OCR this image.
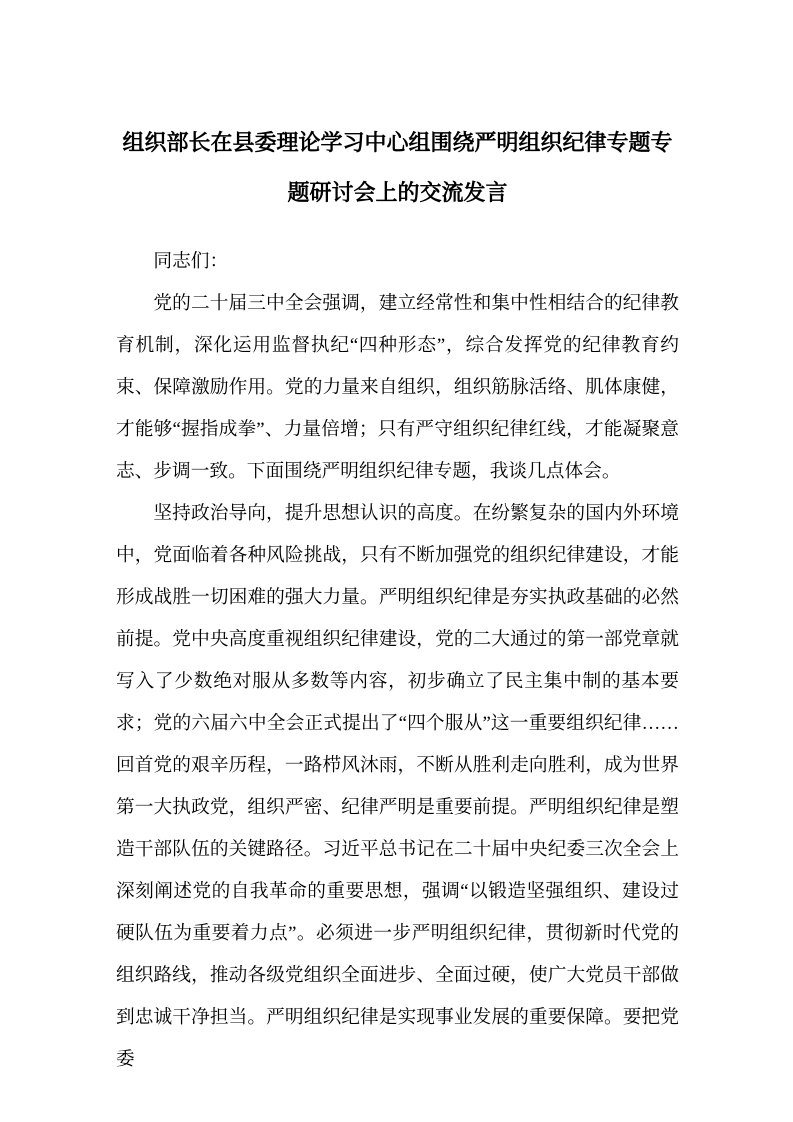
组织部长在县委理论学习中心组围绕严明组织纪律专题专题研讨会上的交流发言

同志们：

党的二十届三中全会强调，建立经常性和集中性相结合的纪律教育机制，深化运用监督执纪“四种形态”，综合发挥党的纪律教育约束、保障激励作用。党的力量来自组织，组织筋脉活络、肌体康健，才能够“握指成拳”、力量倍增；只有严守组织纪律红线，才能凝聚意志、步调一致。下面围绕严明组织纪律专题，我谈几点体会。

坚持政治导向，提升思想认识的高度。在纷繁复杂的国内外环境中，党面临着各种风险挑战，只有不断加强党的组织纪律建设，才能形成战胜一切困难的强大力量。严明组织纪律是夯实执政基础的必然前提。党中央高度重视组织纪律建设，党的二大通过的第一部党章就写入了少数绝对服从多数等内容，初步确立了民主集中制的基本要求；党的六届六中全会正式提出了“四个服从”这一重要组织纪律……回首党的艰辛历程，一路栉风沐雨，不断从胜利走向胜利，成为世界第一大执政党，组织严密、纪律严明是重要前提。严明组织纪律是塑造干部队伍的关键路径。习近平总书记在二十届中央纪委三次全会上深刻阐述党的自我革命的重要思想，强调“以锻造坚强组织、建设过硬队伍为重要着力点”。必须进一步严明组织纪律，贯彻新时代党的组织路线，推动各级党组织全面进步、全面过硬，使广大党员干部做到忠诚干净担当。严明组织纪律是实现事业发展的重要保障。要把党委
